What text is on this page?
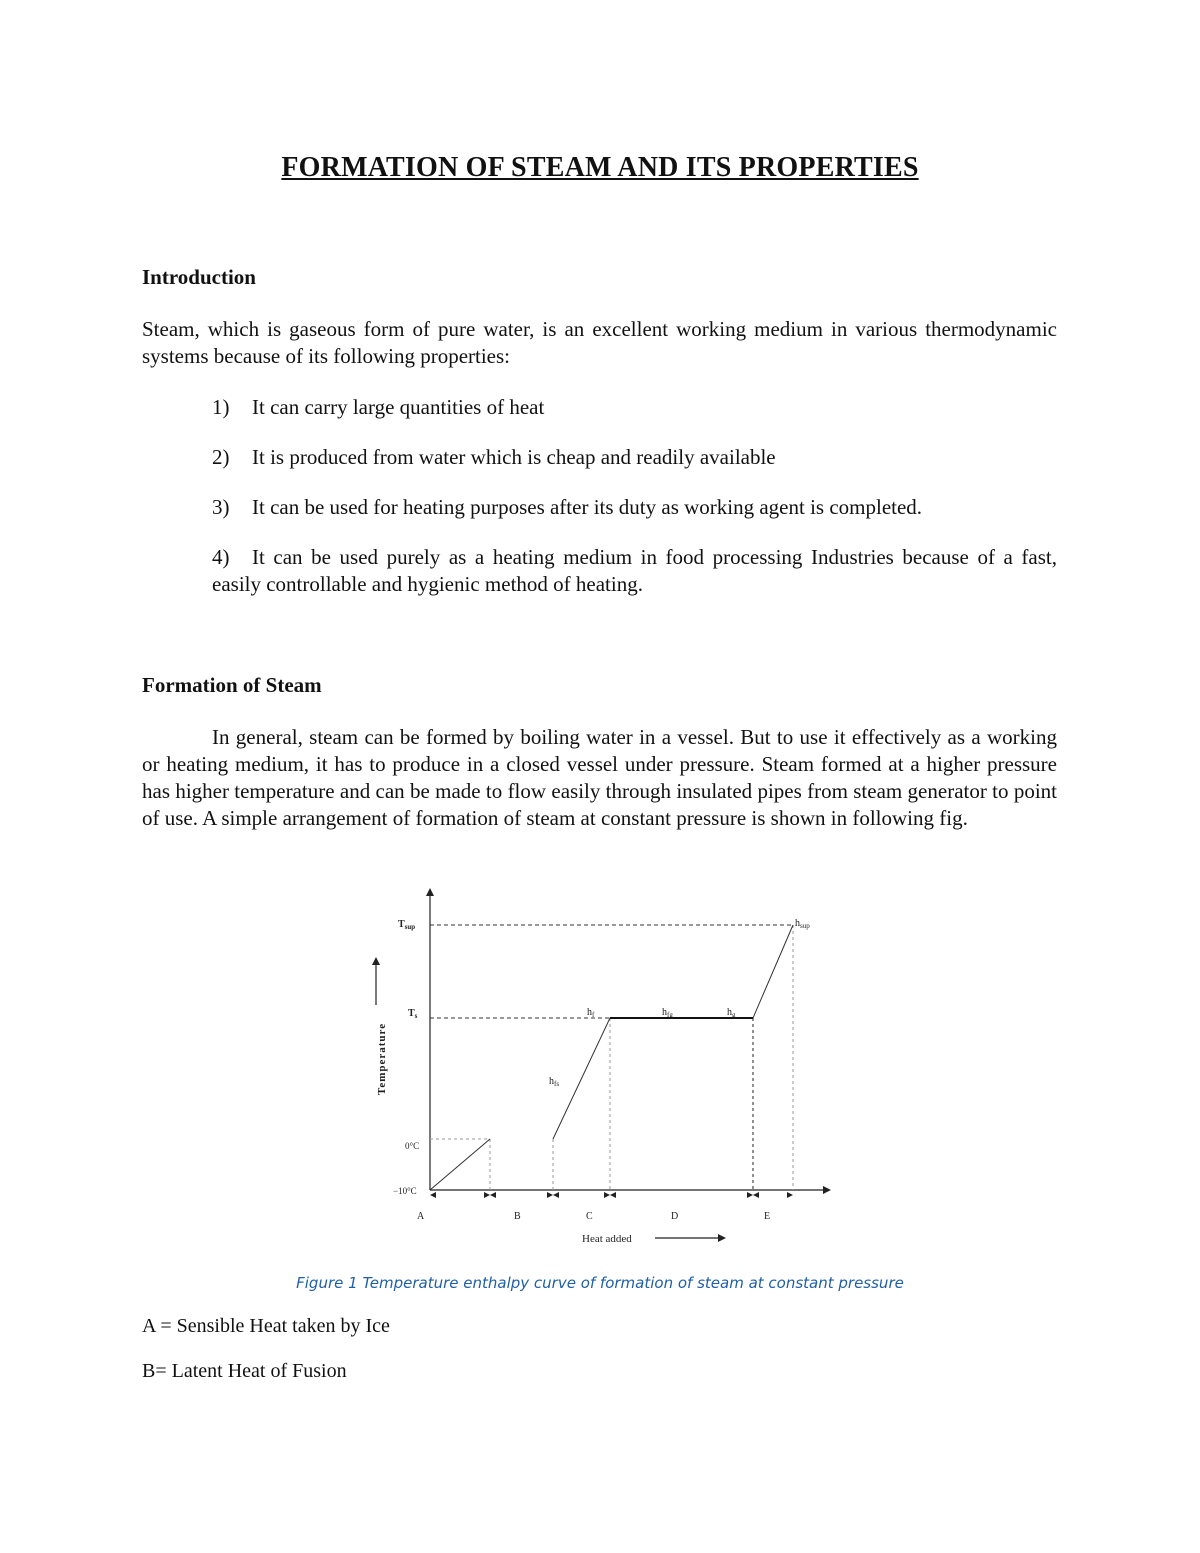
FORMATION OF STEAM AND ITS PROPERTIES
Introduction
Steam, which is gaseous form of pure water, is an excellent working medium in various thermodynamic systems because of its following properties:
1) It can carry large quantities of heat
2) It is produced from water which is cheap and readily available
3) It can be used for heating purposes after its duty as working agent is completed.
4) It can be used purely as a heating medium in food processing Industries because of a fast, easily controllable and hygienic method of heating.
Formation of Steam
In general, steam can be formed by boiling water in a vessel. But to use it effectively as a working or heating medium, it has to produce in a closed vessel under pressure. Steam formed at a higher pressure has higher temperature and can be made to flow easily through insulated pipes from steam generator to point of use. A simple arrangement of formation of steam at constant pressure is shown in following fig.
$T_{sup}$
$T_s$
0°C
−10°C
Temperature
$h_{sup}$
$h_f$	$h_{fg}$	$h_g$
$h_{fs}$
A	B	C	D	E
Heat added
Figure 1 Temperature enthalpy curve of formation of steam at constant pressure
A = Sensible Heat taken by Ice
B= Latent Heat of Fusion
